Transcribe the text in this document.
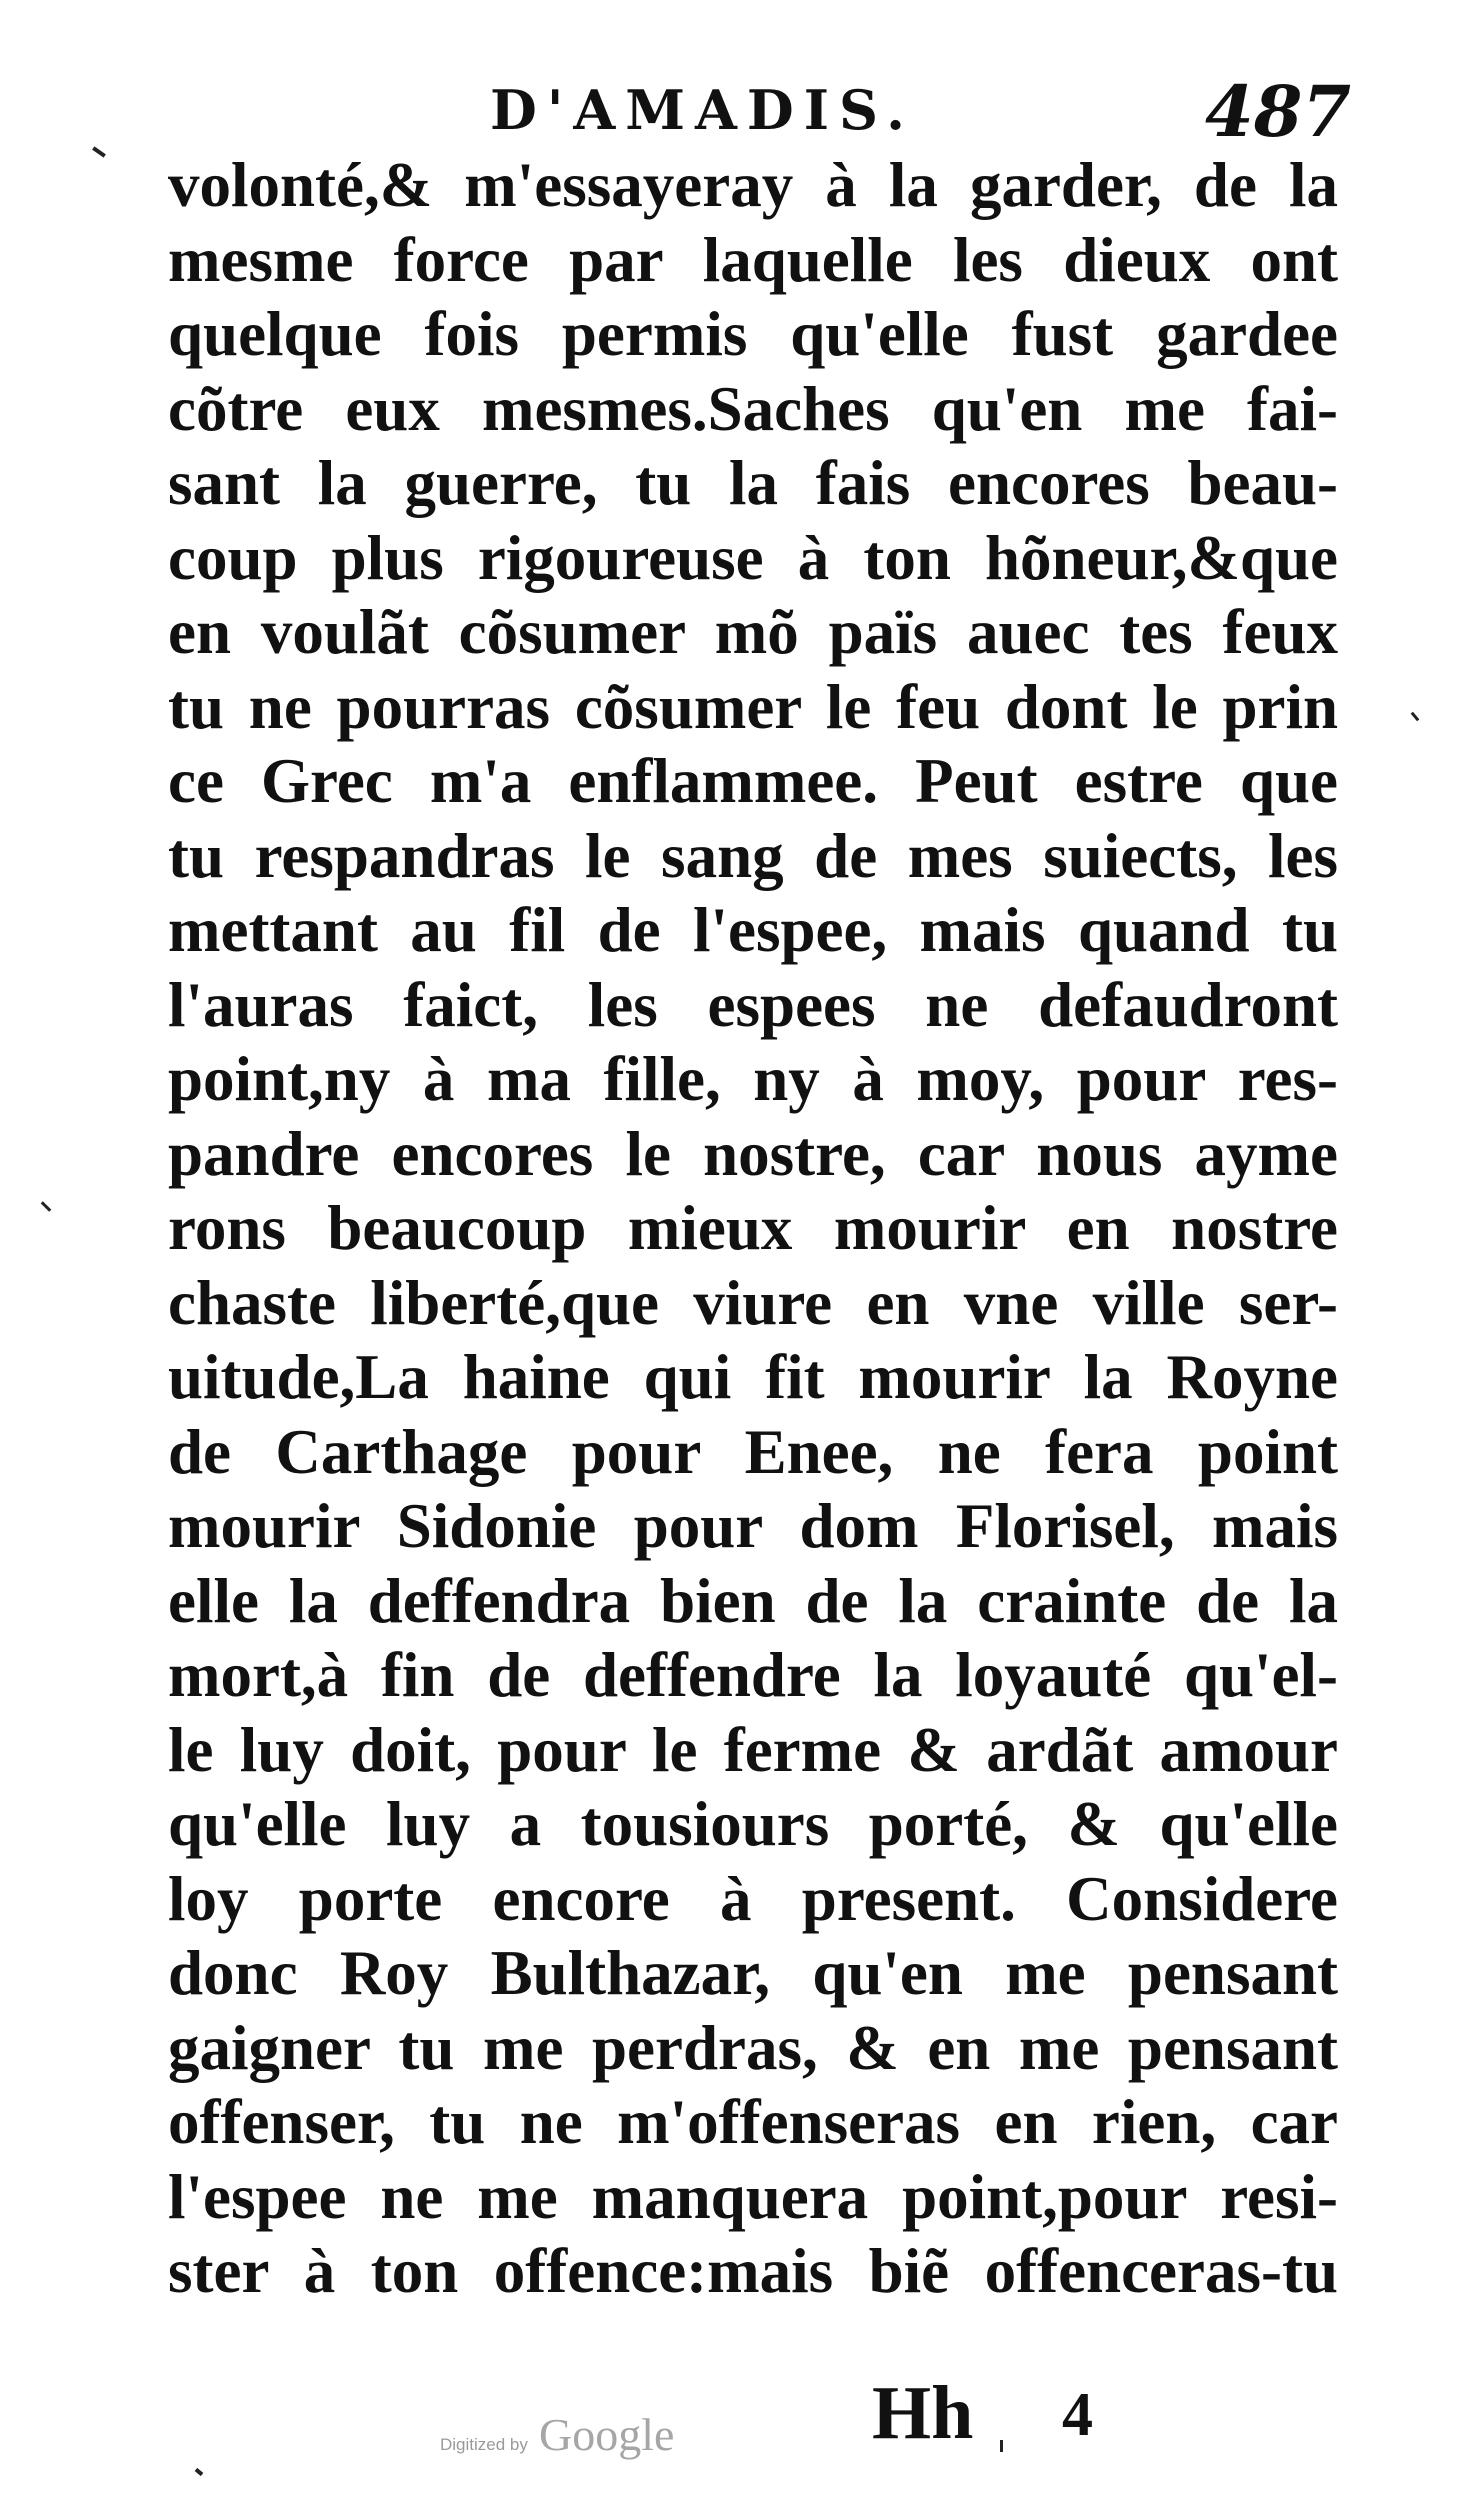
D'AMADIS.	487
volonté,& m'essayeray à la garder, de la
mesme force par laquelle les dieux ont
quelque fois permis qu'elle fust gardee
cõtre eux mesmes.Saches qu'en me fai-
sant la guerre, tu la fais encores beau-
coup plus rigoureuse à ton hõneur,&que
en voulãt cõsumer mõ païs auec tes feux
tu ne pourras cõsumer le feu dont le prin
ce Grec m'a enflammee. Peut estre que
tu respandras le sang de mes suiects, les
mettant au fil de l'espee, mais quand tu
l'auras faict, les espees ne defaudront
point,ny à ma fille, ny à moy, pour res-
pandre encores le nostre, car nous ayme
rons beaucoup mieux mourir en nostre
chaste liberté,que viure en vne ville ser-
uitude,La haine qui fit mourir la Royne
de Carthage pour Enee, ne fera point
mourir Sidonie pour dom Florisel, mais
elle la deffendra bien de la crainte de la
mort,à fin de deffendre la loyauté qu'el-
le luy doit, pour le ferme & ardãt amour
qu'elle luy a tousiours porté, & qu'elle
loy porte encore à present. Considere
donc Roy Bulthazar, qu'en me pensant
gaigner tu me perdras, & en me pensant
offenser, tu ne m'offenseras en rien, car
l'espee ne me manquera point,pour resi-
ster à ton offence:mais biẽ offenceras-tu
Hh 4
Digitized by Google
